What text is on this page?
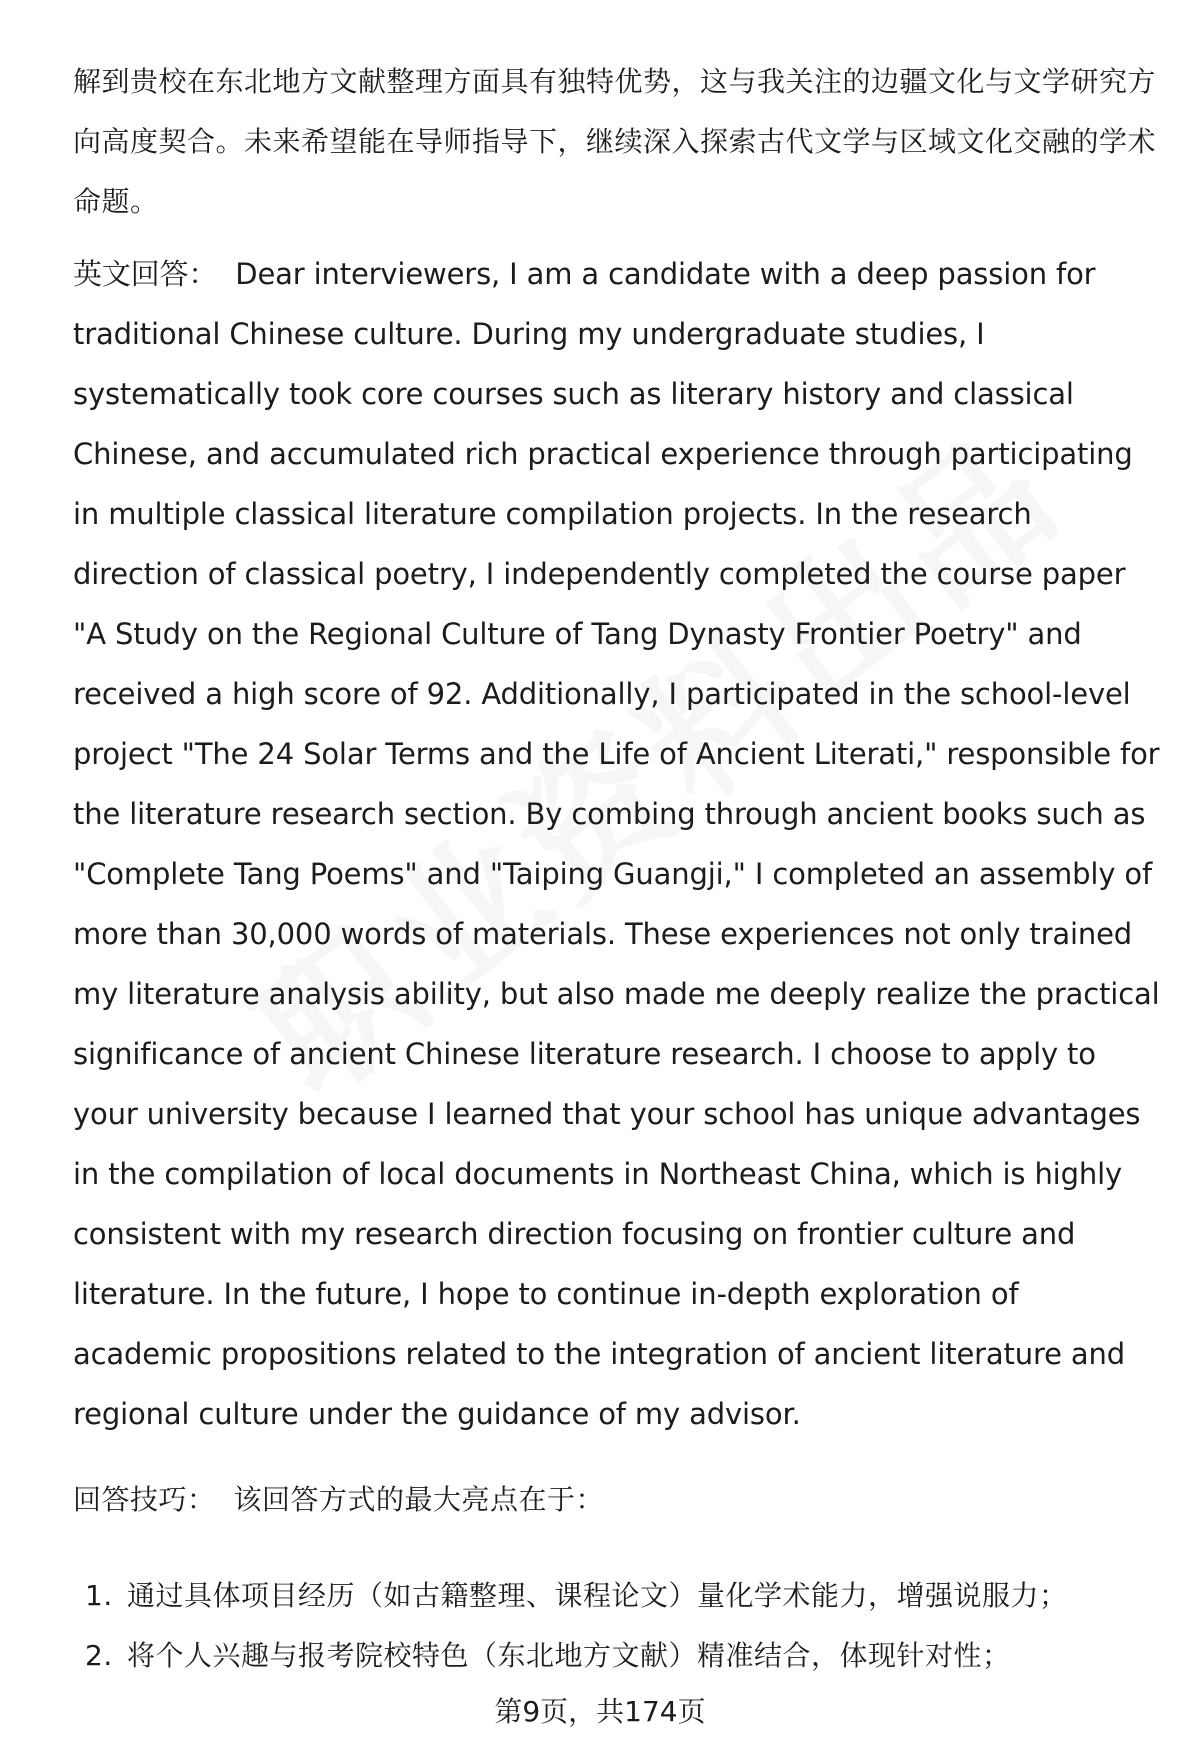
解到贵校在东北地方文献整理方面具有独特优势，这与我关注的边疆文化与文学研究方向高度契合。未来希望能在导师指导下，继续深入探索古代文学与区域文化交融的学术命题。

英文回答： Dear interviewers, I am a candidate with a deep passion for traditional Chinese culture. During my undergraduate studies, I systematically took core courses such as literary history and classical Chinese, and accumulated rich practical experience through participating in multiple classical literature compilation projects. In the research direction of classical poetry, I independently completed the course paper "A Study on the Regional Culture of Tang Dynasty Frontier Poetry" and received a high score of 92. Additionally, I participated in the school-level project "The 24 Solar Terms and the Life of Ancient Literati," responsible for the literature research section. By combing through ancient books such as "Complete Tang Poems" and "Taiping Guangji," I completed an assembly of more than 30,000 words of materials. These experiences not only trained my literature analysis ability, but also made me deeply realize the practical significance of ancient Chinese literature research. I choose to apply to your university because I learned that your school has unique advantages in the compilation of local documents in Northeast China, which is highly consistent with my research direction focusing on frontier culture and literature. In the future, I hope to continue in-depth exploration of academic propositions related to the integration of ancient literature and regional culture under the guidance of my advisor.

回答技巧： 该回答方式的最大亮点在于：

1. 通过具体项目经历（如古籍整理、课程论文）量化学术能力，增强说服力；
2. 将个人兴趣与报考院校特色（东北地方文献）精准结合，体现针对性；
第9页，共174页
